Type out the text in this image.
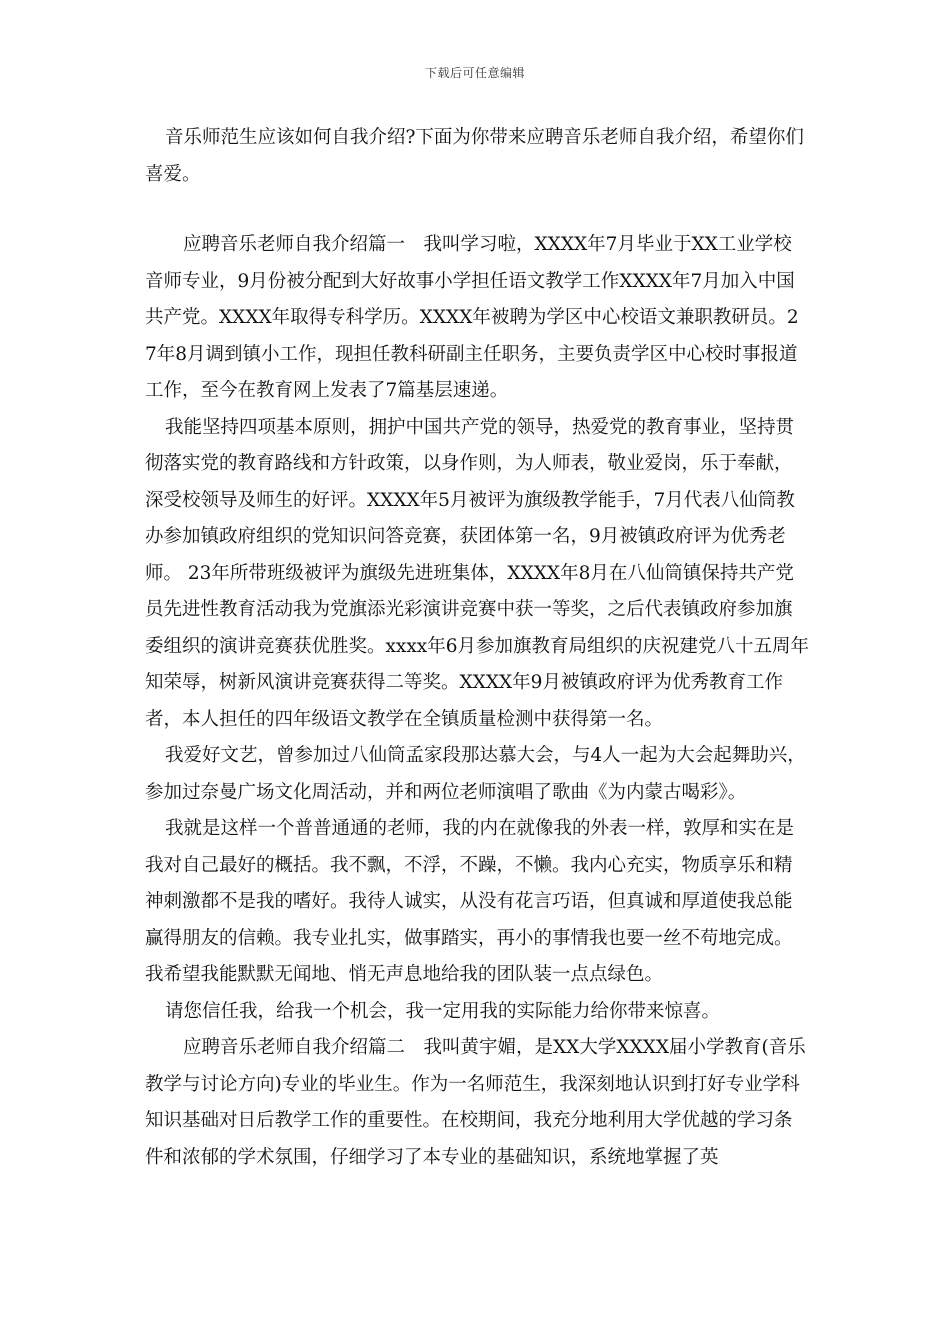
下载后可任意编辑

音乐师范生应该如何自我介绍?下面为你带来应聘音乐老师自我介绍，希望你们喜爱。

应聘音乐老师自我介绍篇一　我叫学习啦，XXXX年7月毕业于XX工业学校音师专业，9月份被分配到大好故事小学担任语文教学工作XXXX年7月加入中国共产党。XXXX年取得专科学历。XXXX年被聘为学区中心校语文兼职教研员。27年8月调到镇小工作，现担任教科研副主任职务，主要负责学区中心校时事报道工作，至今在教育网上发表了7篇基层速递。

我能坚持四项基本原则，拥护中国共产党的领导，热爱党的教育事业，坚持贯彻落实党的教育路线和方针政策，以身作则，为人师表，敬业爱岗，乐于奉献，深受校领导及师生的好评。XXXX年5月被评为旗级教学能手，7月代表八仙筒教办参加镇政府组织的党知识问答竞赛，获团体第一名，9月被镇政府评为优秀老师。 23年所带班级被评为旗级先进班集体，XXXX年8月在八仙筒镇保持共产党员先进性教育活动我为党旗添光彩演讲竞赛中获一等奖，之后代表镇政府参加旗委组织的演讲竞赛获优胜奖。xxxx年6月参加旗教育局组织的庆祝建党八十五周年知荣辱，树新风演讲竞赛获得二等奖。XXXX年9月被镇政府评为优秀教育工作者，本人担任的四年级语文教学在全镇质量检测中获得第一名。

我爱好文艺，曾参加过八仙筒孟家段那达慕大会，与4人一起为大会起舞助兴，参加过奈曼广场文化周活动，并和两位老师演唱了歌曲《为内蒙古喝彩》。

我就是这样一个普普通通的老师，我的内在就像我的外表一样，敦厚和实在是我对自己最好的概括。我不飘，不浮，不躁，不懒。我内心充实，物质享乐和精神刺激都不是我的嗜好。我待人诚实，从没有花言巧语，但真诚和厚道使我总能赢得朋友的信赖。我专业扎实，做事踏实，再小的事情我也要一丝不苟地完成。我希望我能默默无闻地、悄无声息地给我的团队装一点点绿色。

请您信任我，给我一个机会，我一定用我的实际能力给你带来惊喜。

应聘音乐老师自我介绍篇二　我叫黄宇媚，是XX大学XXXX届小学教育(音乐教学与讨论方向)专业的毕业生。作为一名师范生，我深刻地认识到打好专业学科知识基础对日后教学工作的重要性。在校期间，我充分地利用大学优越的学习条件和浓郁的学术氛围，仔细学习了本专业的基础知识，系统地掌握了英
